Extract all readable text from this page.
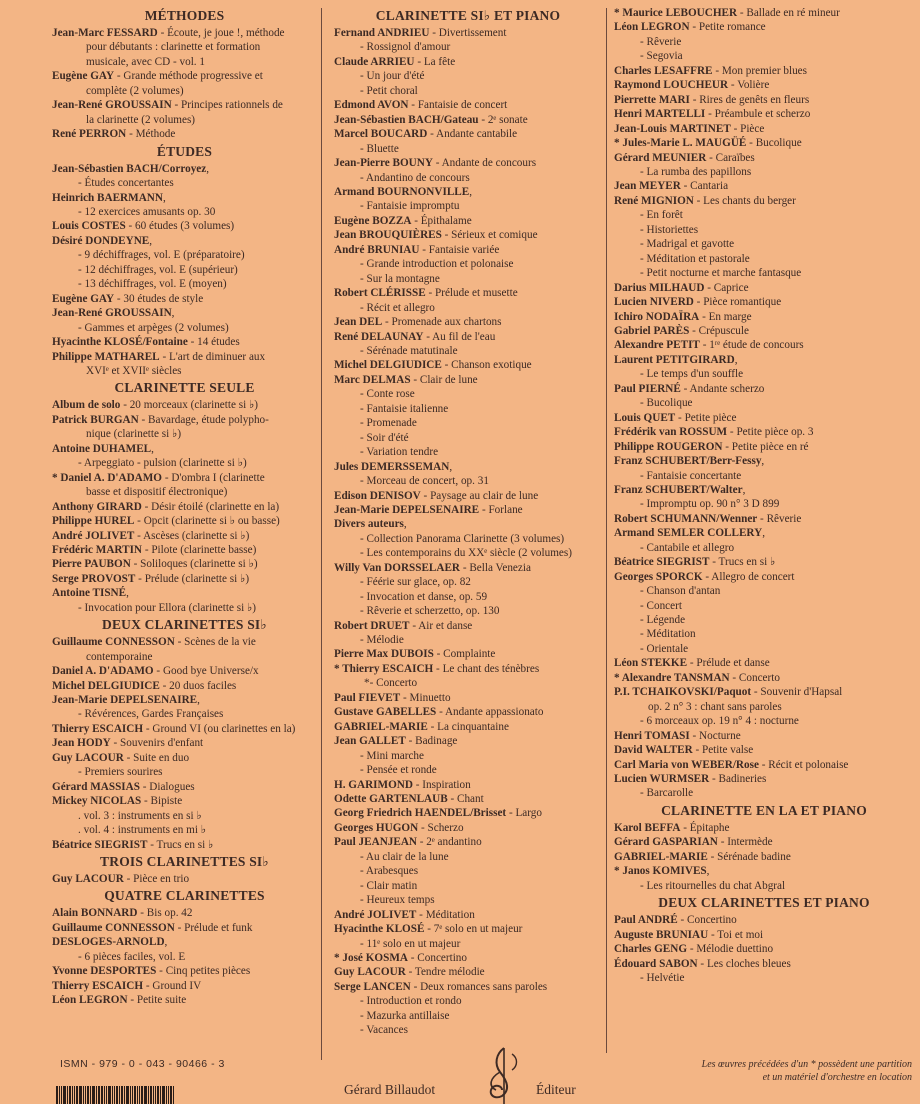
MÉTHODES
Jean-Marc FESSARD - Écoute, je joue !, méthode
pour débutants : clarinette et formation
musicale, avec CD - vol. 1
Eugène GAY - Grande méthode progressive et
complète (2 volumes)
Jean-René GROUSSAIN - Principes rationnels de
la clarinette (2 volumes)
René PERRON - Méthode
ÉTUDES
Jean-Sébastien BACH/Corroyez,
- Études concertantes
Heinrich BAERMANN,
- 12 exercices amusants op. 30
Louis COSTES - 60 études (3 volumes)
Désiré DONDEYNE,
- 9 déchiffrages, vol. E (préparatoire)
- 12 déchiffrages, vol. E (supérieur)
- 13 déchiffrages, vol. E (moyen)
Eugène GAY - 30 études de style
Jean-René GROUSSAIN,
- Gammes et arpèges (2 volumes)
Hyacinthe KLOSÉ/Fontaine - 14 études
Philippe MATHAREL - L'art de diminuer aux
XVIᵉ et XVIIᵉ siècles
CLARINETTE SEULE
Album de solo - 20 morceaux (clarinette si ♭)
Patrick BURGAN - Bavardage, étude polypho-
nique (clarinette si ♭)
Antoine DUHAMEL,
- Arpeggiato - pulsion (clarinette si ♭)
* Daniel A. D'ADAMO - D'ombra I (clarinette
basse et dispositif électronique)
Anthony GIRARD - Désir étoilé (clarinette en la)
Philippe HUREL - Opcit (clarinette si ♭ ou basse)
André JOLIVET - Ascèses (clarinette si ♭)
Frédéric MARTIN - Pilote (clarinette basse)
Pierre PAUBON - Soliloques (clarinette si ♭)
Serge PROVOST - Prélude (clarinette si ♭)
Antoine TISNÉ,
- Invocation pour Ellora (clarinette si ♭)
DEUX CLARINETTES SI♭
Guillaume CONNESSON - Scènes de la vie
contemporaine
Daniel A. D'ADAMO - Good bye Universe/x
Michel DELGIUDICE - 20 duos faciles
Jean-Marie DEPELSENAIRE,
- Révérences, Gardes Françaises
Thierry ESCAICH - Ground VI (ou clarinettes en la)
Jean HODY - Souvenirs d'enfant
Guy LACOUR - Suite en duo
- Premiers sourires
Gérard MASSIAS - Dialogues
Mickey NICOLAS - Bipiste
. vol. 3 : instruments en si ♭
. vol. 4 : instruments en mi ♭
Béatrice SIEGRIST - Trucs en si ♭
TROIS CLARINETTES SI♭
Guy LACOUR - Pièce en trio
QUATRE CLARINETTES
Alain BONNARD - Bis op. 42
Guillaume CONNESSON - Prélude et funk
DESLOGES-ARNOLD,
- 6 pièces faciles, vol. E
Yvonne DESPORTES - Cinq petites pièces
Thierry ESCAICH - Ground IV
Léon LEGRON - Petite suite
CLARINETTE SI♭ ET PIANO
Fernand ANDRIEU - Divertissement
- Rossignol d'amour
Claude ARRIEU - La fête
- Un jour d'été
- Petit choral
Edmond AVON - Fantaisie de concert
Jean-Sébastien BACH/Gateau - 2ᵉ sonate
Marcel BOUCARD - Andante cantabile
- Bluette
Jean-Pierre BOUNY - Andante de concours
- Andantino de concours
Armand BOURNONVILLE,
- Fantaisie impromptu
Eugène BOZZA - Épithalame
Jean BROUQUIÈRES - Sérieux et comique
André BRUNIAU - Fantaisie variée
- Grande introduction et polonaise
- Sur la montagne
Robert CLÉRISSE - Prélude et musette
- Récit et allegro
Jean DEL - Promenade aux chartons
René DELAUNAY - Au fil de l'eau
- Sérénade matutinale
Michel DELGIUDICE - Chanson exotique
Marc DELMAS - Clair de lune
- Conte rose
- Fantaisie italienne
- Promenade
- Soir d'été
- Variation tendre
Jules DEMERSSEMAN,
- Morceau de concert, op. 31
Edison DENISOV - Paysage au clair de lune
Jean-Marie DEPELSENAIRE - Forlane
Divers auteurs,
- Collection Panorama Clarinette (3 volumes)
- Les contemporains du XXᵉ siècle (2 volumes)
Willy Van DORSSELAER - Bella Venezia
- Féérie sur glace, op. 82
- Invocation et danse, op. 59
- Rêverie et scherzetto, op. 130
Robert DRUET - Air et danse
- Mélodie
Pierre Max DUBOIS - Complainte
* Thierry ESCAICH - Le chant des ténèbres
*- Concerto
Paul FIEVET - Minuetto
Gustave GABELLES - Andante appassionato
GABRIEL-MARIE - La cinquantaine
Jean GALLET - Badinage
- Mini marche
- Pensée et ronde
H. GARIMOND - Inspiration
Odette GARTENLAUB - Chant
Georg Friedrich HAENDEL/Brisset - Largo
Georges HUGON - Scherzo
Paul JEANJEAN - 2ᵉ andantino
- Au clair de la lune
- Arabesques
- Clair matin
- Heureux temps
André JOLIVET - Méditation
Hyacinthe KLOSÉ - 7ᵉ solo en ut majeur
- 11ᵉ solo en ut majeur
* José KOSMA - Concertino
Guy LACOUR - Tendre mélodie
Serge LANCEN - Deux romances sans paroles
- Introduction et rondo
- Mazurka antillaise
- Vacances
* Maurice LEBOUCHER - Ballade en ré mineur
Léon LEGRON - Petite romance
- Rêverie
- Segovia
Charles LESAFFRE - Mon premier blues
Raymond LOUCHEUR - Volière
Pierrette MARI - Rires de genêts en fleurs
Henri MARTELLI - Préambule et scherzo
Jean-Louis MARTINET - Pièce
* Jules-Marie L. MAUGÜÉ - Bucolique
Gérard MEUNIER - Caraïbes
- La rumba des papillons
Jean MEYER - Cantaria
René MIGNION - Les chants du berger
- En forêt
- Historiettes
- Madrigal et gavotte
- Méditation et pastorale
- Petit nocturne et marche fantasque
Darius MILHAUD - Caprice
Lucien NIVERD - Pièce romantique
Ichiro NODAÏRA - En marge
Gabriel PARÈS - Crépuscule
Alexandre PETIT - 1ʳᵉ étude de concours
Laurent PETITGIRARD,
- Le temps d'un souffle
Paul PIERNÉ - Andante scherzo
- Bucolique
Louis QUET - Petite pièce
Frédérik van ROSSUM - Petite pièce op. 3
Philippe ROUGERON - Petite pièce en ré
Franz SCHUBERT/Berr-Fessy,
- Fantaisie concertante
Franz SCHUBERT/Walter,
- Impromptu op. 90 n° 3 D 899
Robert SCHUMANN/Wenner - Rêverie
Armand SEMLER COLLERY,
- Cantabile et allegro
Béatrice SIEGRIST - Trucs en si ♭
Georges SPORCK - Allegro de concert
- Chanson d'antan
- Concert
- Légende
- Méditation
- Orientale
Léon STEKKE - Prélude et danse
* Alexandre TANSMAN - Concerto
P.I. TCHAIKOVSKI/Paquot - Souvenir d'Hapsal
op. 2 n° 3 : chant sans paroles
- 6 morceaux op. 19 n° 4 : nocturne
Henri TOMASI - Nocturne
David WALTER - Petite valse
Carl Maria von WEBER/Rose - Récit et polonaise
Lucien WURMSER - Badineries
- Barcarolle
CLARINETTE EN LA ET PIANO
Karol BEFFA - Épitaphe
Gérard GASPARIAN - Intermède
GABRIEL-MARIE - Sérénade badine
* Janos KOMIVES,
- Les ritournelles du chat Abgral
DEUX CLARINETTES ET PIANO
Paul ANDRÉ - Concertino
Auguste BRUNIAU - Toi et moi
Charles GENG - Mélodie duettino
Édouard SABON - Les cloches bleues
- Helvétie
ISMN - 979 - 0 - 043 - 90466 - 3
Gérard Billaudot	Éditeur
Les œuvres précédées d'un * possèdent une partition
et un matériel d'orchestre en location
